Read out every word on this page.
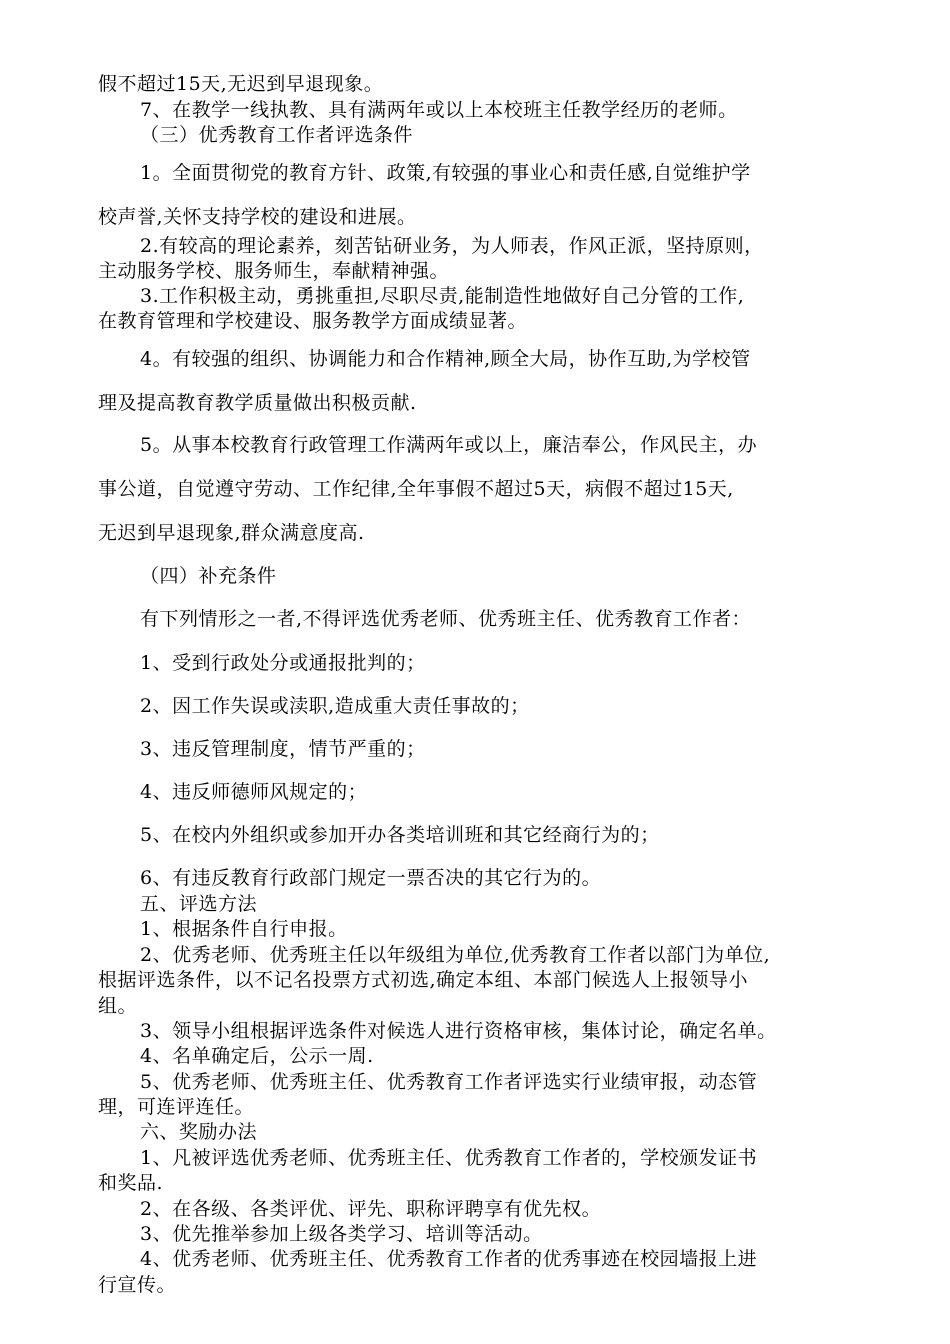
假不超过15天,无迟到早退现象。
7、在教学一线执教、具有满两年或以上本校班主任教学经历的老师。
（三）优秀教育工作者评选条件
1。全面贯彻党的教育方针、政策,有较强的事业心和责任感,自觉维护学
校声誉,关怀支持学校的建设和进展。
2.有较高的理论素养，刻苦钻研业务，为人师表，作风正派，坚持原则，
主动服务学校、服务师生，奉献精神强。
3.工作积极主动，勇挑重担,尽职尽责,能制造性地做好自己分管的工作,
在教育管理和学校建设、服务教学方面成绩显著。
4。有较强的组织、协调能力和合作精神,顾全大局，协作互助,为学校管
理及提高教育教学质量做出积极贡献.
5。从事本校教育行政管理工作满两年或以上，廉洁奉公，作风民主，办
事公道，自觉遵守劳动、工作纪律,全年事假不超过5天，病假不超过15天,
无迟到早退现象,群众满意度高.
（四）补充条件
有下列情形之一者,不得评选优秀老师、优秀班主任、优秀教育工作者：
1、受到行政处分或通报批判的；
2、因工作失误或渎职,造成重大责任事故的；
3、违反管理制度，情节严重的；
4、违反师德师风规定的；
5、在校内外组织或参加开办各类培训班和其它经商行为的；
6、有违反教育行政部门规定一票否决的其它行为的。
五、评选方法
1、根据条件自行申报。
2、优秀老师、优秀班主任以年级组为单位,优秀教育工作者以部门为单位,
根据评选条件，以不记名投票方式初选,确定本组、本部门候选人上报领导小
组。
3、领导小组根据评选条件对候选人进行资格审核，集体讨论，确定名单。
4、名单确定后，公示一周.
5、优秀老师、优秀班主任、优秀教育工作者评选实行业绩审报，动态管
理，可连评连任。
六、奖励办法
1、凡被评选优秀老师、优秀班主任、优秀教育工作者的，学校颁发证书
和奖品.
2、在各级、各类评优、评先、职称评聘享有优先权。
3、优先推举参加上级各类学习、培训等活动。
4、优秀老师、优秀班主任、优秀教育工作者的优秀事迹在校园墙报上进
行宣传。
